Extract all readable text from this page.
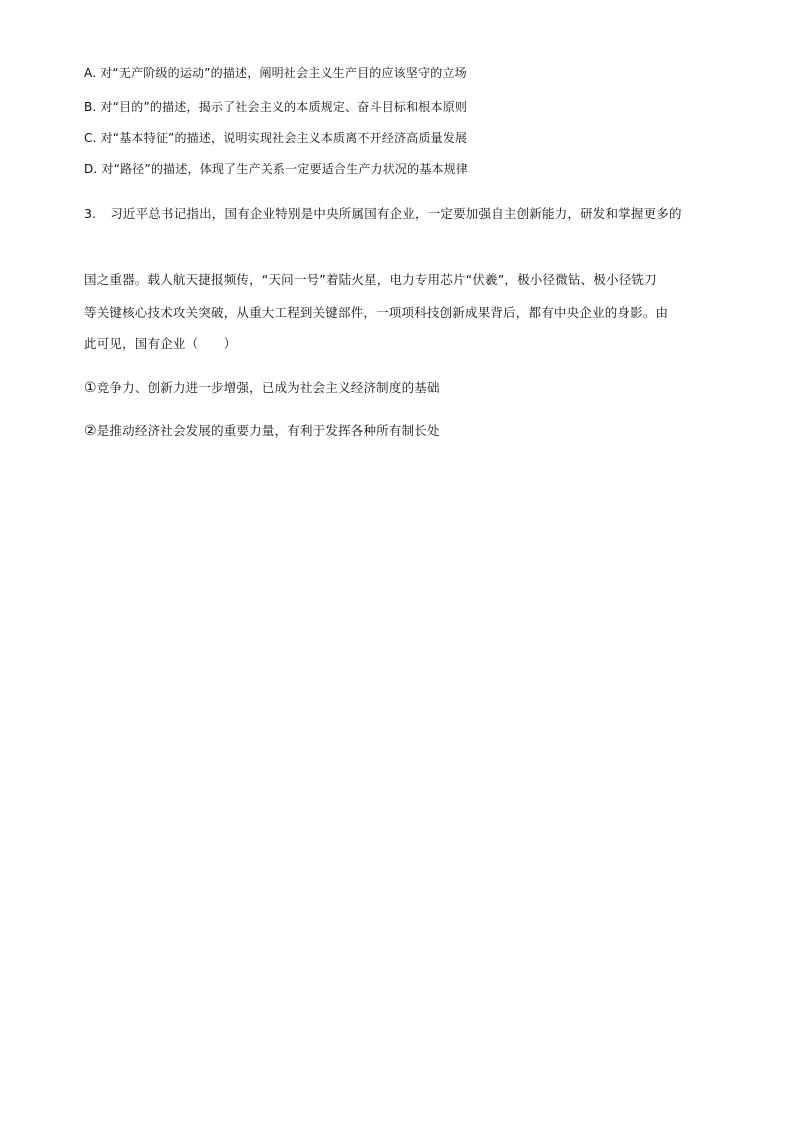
A. 对“无产阶级的运动”的描述，阐明社会主义生产目的应该坚守的立场
B. 对“目的”的描述，揭示了社会主义的本质规定、奋斗目标和根本原则
C. 对“基本特征”的描述，说明实现社会主义本质离不开经济高质量发展
D. 对“路径”的描述，体现了生产关系一定要适合生产力状况的基本规律
3. 习近平总书记指出，国有企业特别是中央所属国有企业，一定要加强自主创新能力，研发和掌握更多的
国之重器。载人航天捷报频传，“天问一号”着陆火星，电力专用芯片“伏羲”，极小径微钻、极小径铣刀
等关键核心技术攻关突破，从重大工程到关键部件，一项项科技创新成果背后，都有中央企业的身影。由
此可见，国有企业（　　）
①竞争力、创新力进一步增强，已成为社会主义经济制度的基础
②是推动经济社会发展的重要力量，有利于发挥各种所有制长处
